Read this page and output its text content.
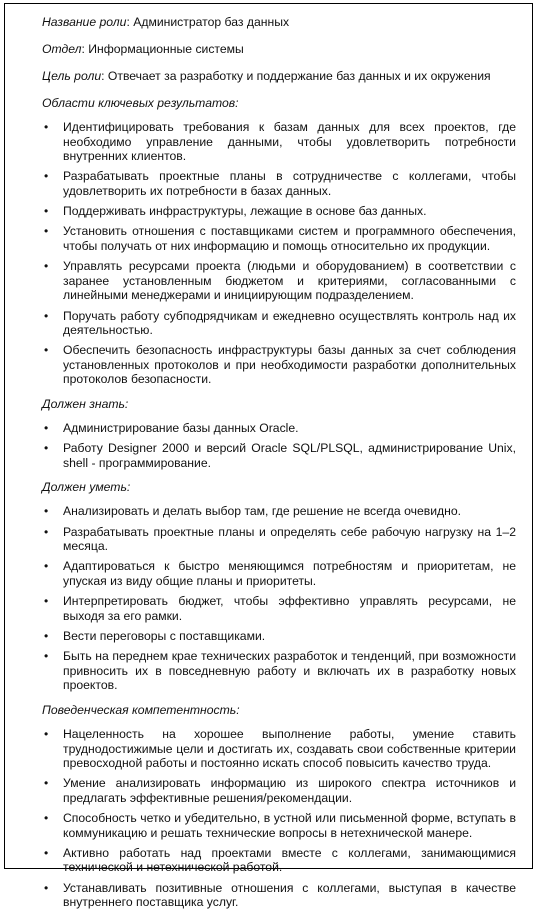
Название роли: Администратор баз данных
Отдел: Информационные системы
Цель роли: Отвечает за разработку и поддержание баз данных и их окружения
Области ключевых результатов:
• Идентифицировать требования к базам данных для всех проектов, где необходимо управление данными, чтобы удовлетворить потребности внутренних клиентов.
• Разрабатывать проектные планы в сотрудничестве с коллегами, чтобы удовлетворить их потребности в базах данных.
• Поддерживать инфраструктуры, лежащие в основе баз данных.
• Установить отношения с поставщиками систем и программного обеспечения, чтобы получать от них информацию и помощь относительно их продукции.
• Управлять ресурсами проекта (людьми и оборудованием) в соответствии с заранее установленным бюджетом и критериями, согласованными с линейными менеджерами и инициирующим подразделением.
• Поручать работу субподрядчикам и ежедневно осуществлять контроль над их деятельностью.
• Обеспечить безопасность инфраструктуры базы данных за счет соблюдения установленных протоколов и при необходимости разработки дополнительных протоколов безопасности.
Должен знать:
• Администрирование базы данных Oracle.
• Работу Designer 2000 и версий Oracle SQL/PLSQL, администрирование Unix, shell - программирование.
Должен уметь:
• Анализировать и делать выбор там, где решение не всегда очевидно.
• Разрабатывать проектные планы и определять себе рабочую нагрузку на 1–2 месяца.
• Адаптироваться к быстро меняющимся потребностям и приоритетам, не упуская из виду общие планы и приоритеты.
• Интерпретировать бюджет, чтобы эффективно управлять ресурсами, не выходя за его рамки.
• Вести переговоры с поставщиками.
• Быть на переднем крае технических разработок и тенденций, при возможности привносить их в повседневную работу и включать их в разработку новых проектов.
Поведенческая компетентность:
• Нацеленность на хорошее выполнение работы, умение ставить труднодостижимые цели и достигать их, создавать свои собственные критерии превосходной работы и постоянно искать способ повысить качество труда.
• Умение анализировать информацию из широкого спектра источников и предлагать эффективные решения/рекомендации.
• Способность четко и убедительно, в устной или письменной форме, вступать в коммуникацию и решать технические вопросы в нетехнической манере.
• Активно работать над проектами вместе с коллегами, занимающимися технической и нетехнической работой.
• Устанавливать позитивные отношения с коллегами, выступая в качестве внутреннего поставщика услуг.
